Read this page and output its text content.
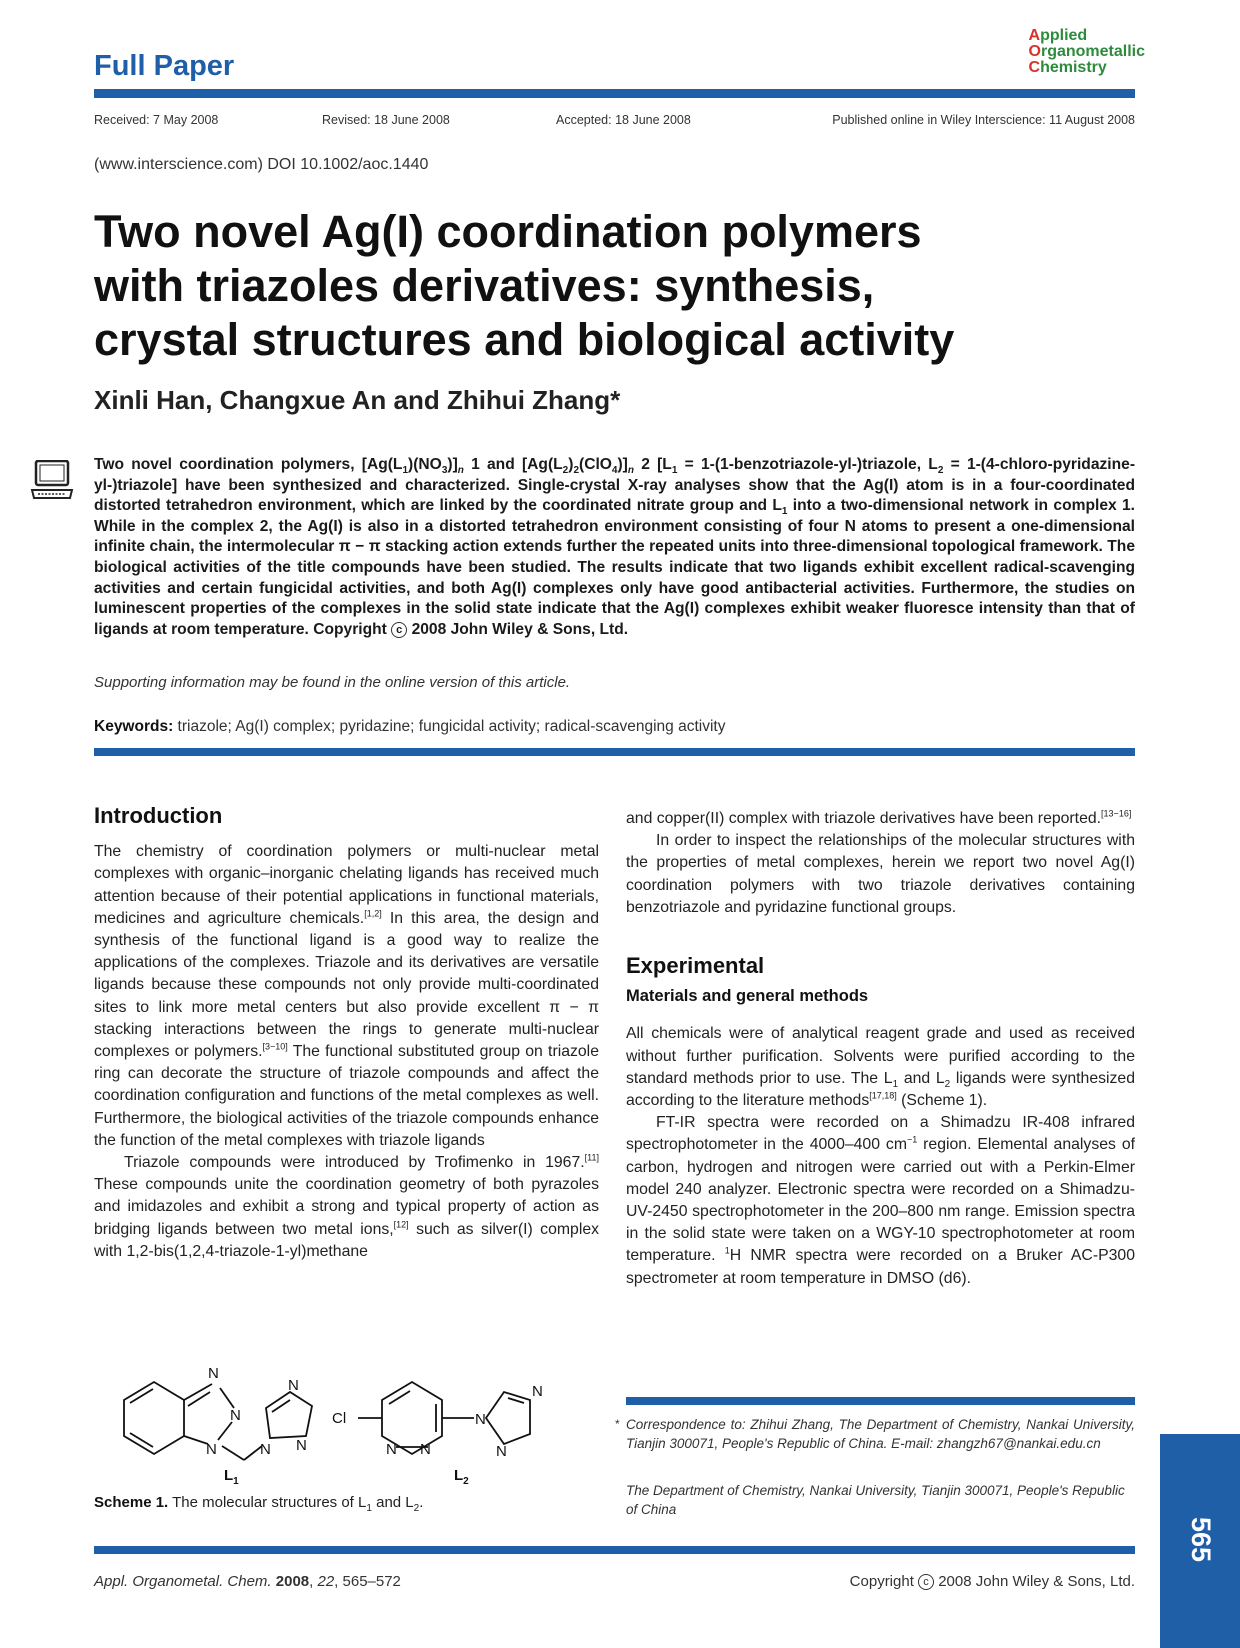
Full Paper
Applied
Organometallic
Chemistry
Received: 7 May 2008	Revised: 18 June 2008	Accepted: 18 June 2008	Published online in Wiley Interscience: 11 August 2008
(www.interscience.com) DOI 10.1002/aoc.1440
Two novel Ag(I) coordination polymers
with triazoles derivatives: synthesis,
crystal structures and biological activity
Xinli Han, Changxue An and Zhihui Zhang*
Two novel coordination polymers, $[Ag(L_1)(NO_3)]_n$ 1 and $[Ag(L_2)_2(ClO_4)]_n$ 2 [$L_1$ = 1-(1-benzotriazole-yl-)triazole, $L_2$ = 1-(4-chloro-pyridazine-yl-)triazole] have been synthesized and characterized. Single-crystal X-ray analyses show that the Ag(I) atom is in a four-coordinated distorted tetrahedron environment, which are linked by the coordinated nitrate group and $L_1$ into a two-dimensional network in complex 1. While in the complex 2, the Ag(I) is also in a distorted tetrahedron environment consisting of four N atoms to present a one-dimensional infinite chain, the intermolecular π − π stacking action extends further the repeated units into three-dimensional topological framework. The biological activities of the title compounds have been studied. The results indicate that two ligands exhibit excellent radical-scavenging activities and certain fungicidal activities, and both Ag(I) complexes only have good antibacterial activities. Furthermore, the studies on luminescent properties of the complexes in the solid state indicate that the Ag(I) complexes exhibit weaker fluoresce intensity than that of ligands at room temperature. Copyright c 2008 John Wiley & Sons, Ltd.
Supporting information may be found in the online version of this article.
Keywords: triazole; Ag(I) complex; pyridazine; fungicidal activity; radical-scavenging activity
Introduction

The chemistry of coordination polymers or multi-nuclear metal complexes with organic–inorganic chelating ligands has received much attention because of their potential applications in functional materials, medicines and agriculture chemicals.[1,2] In this area, the design and synthesis of the functional ligand is a good way to realize the applications of the complexes. Triazole and its derivatives are versatile ligands because these compounds not only provide multi-coordinated sites to link more metal centers but also provide excellent π − π stacking interactions between the rings to generate multi-nuclear complexes or polymers.[3−10] The functional substituted group on triazole ring can decorate the structure of triazole compounds and affect the coordination configuration and functions of the metal complexes as well. Furthermore, the biological activities of the triazole compounds enhance the function of the metal complexes with triazole ligands

Triazole compounds were introduced by Trofimenko in 1967.[11] These compounds unite the coordination geometry of both pyrazoles and imidazoles and exhibit a strong and typical property of action as bridging ligands between two metal ions,[12] such as silver(I) complex with 1,2-bis(1,2,4-triazole-1-yl)methane

N
N
N	N
N
N
Cl
N N
N
N
N
$L_1$	$L_2$
Scheme 1. The molecular structures of $L_1$ and $L_2$.

and copper(II) complex with triazole derivatives have been reported.[13−16]

In order to inspect the relationships of the molecular structures with the properties of metal complexes, herein we report two novel Ag(I) coordination polymers with two triazole derivatives containing benzotriazole and pyridazine functional groups.

Experimental
Materials and general methods

All chemicals were of analytical reagent grade and used as received without further purification. Solvents were purified according to the standard methods prior to use. The $L_1$ and $L_2$ ligands were synthesized according to the literature methods[17,18] (Scheme 1).

FT-IR spectra were recorded on a Shimadzu IR-408 infrared spectrophotometer in the 4000–400 $cm^{-1}$ region. Elemental analyses of carbon, hydrogen and nitrogen were carried out with a Perkin-Elmer model 240 analyzer. Electronic spectra were recorded on a Shimadzu-UV-2450 spectrophotometer in the 200–800 nm range. Emission spectra in the solid state were taken on a WGY-10 spectrophotometer at room temperature. $^1$H NMR spectra were recorded on a Bruker AC-P300 spectrometer at room temperature in DMSO (d6).

* Correspondence to: Zhihui Zhang, The Department of Chemistry, Nankai University, Tianjin 300071, People's Republic of China. E-mail: zhangzh67@nankai.edu.cn
The Department of Chemistry, Nankai University, Tianjin 300071, People's Republic of China
565
Appl. Organometal. Chem. 2008, 22, 565–572	Copyright c 2008 John Wiley & Sons, Ltd.
